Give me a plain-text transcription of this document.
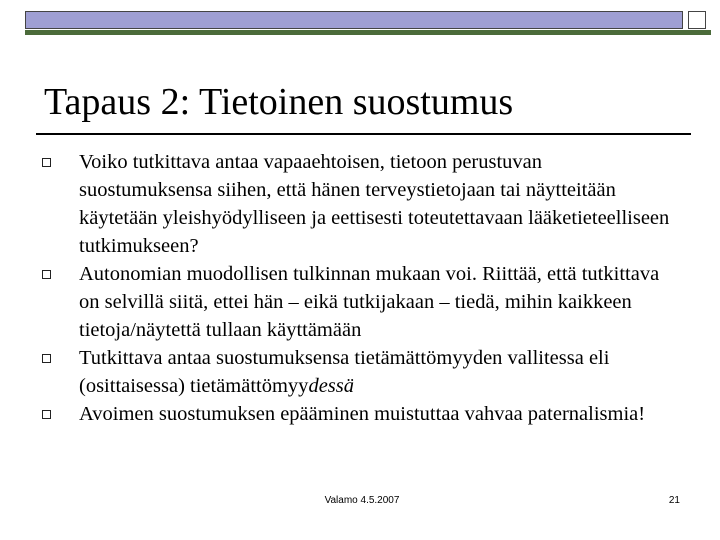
Tapaus 2: Tietoinen suostumus
Voiko tutkittava antaa vapaaehtoisen, tietoon perustuvan suostumuksensa siihen, että hänen terveystietojaan tai näytteitään käytetään yleishyödylliseen ja eettisesti toteutettavaan lääketieteelliseen tutkimukseen?
Autonomian muodollisen tulkinnan mukaan voi. Riittää, että tutkittava on selvillä siitä, ettei hän – eikä tutkijakaan – tiedä, mihin kaikkeen tietoja/näytettä tullaan käyttämään
Tutkittava antaa suostumuksensa tietämättömyyden vallitessa eli (osittaisessa) tietämättömyydessä
Avoimen suostumuksen epääminen muistuttaa vahvaa paternalismia!
Valamo 4.5.2007	21
